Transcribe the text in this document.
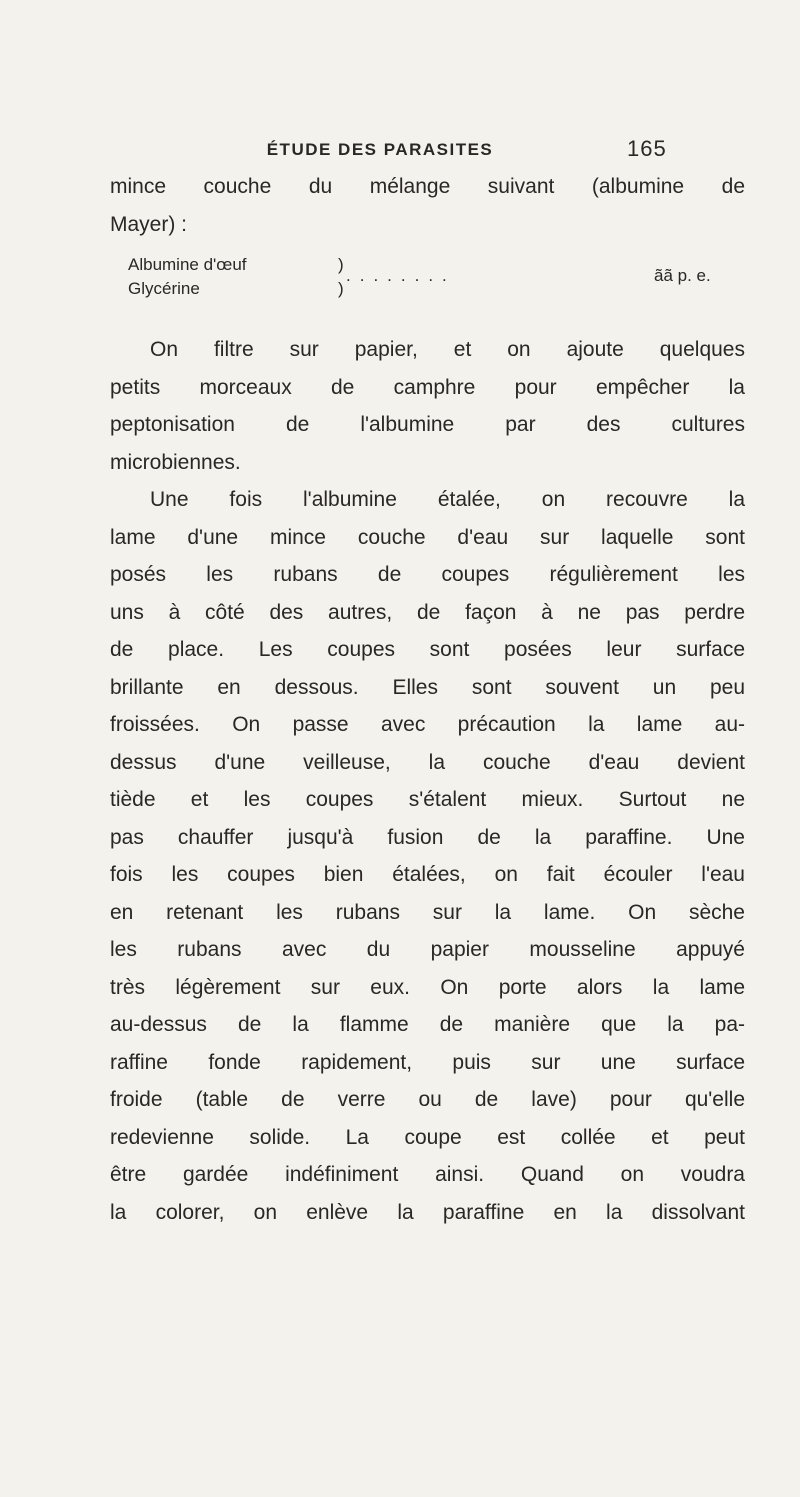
ÉTUDE DES PARASITES	165
mince couche du mélange suivant (albumine de
Mayer) :
Albumine d'œuf
Glycérine
)
)
........	ãã p. e.
On filtre sur papier, et on ajoute quelques
petits morceaux de camphre pour empêcher la
peptonisation de l'albumine par des cultures
microbiennes.
Une fois l'albumine étalée, on recouvre la
lame d'une mince couche d'eau sur laquelle sont
posés les rubans de coupes régulièrement les
uns à côté des autres, de façon à ne pas perdre
de place. Les coupes sont posées leur surface
brillante en dessous. Elles sont souvent un peu
froissées. On passe avec précaution la lame au-
dessus d'une veilleuse, la couche d'eau devient
tiède et les coupes s'étalent mieux. Surtout ne
pas chauffer jusqu'à fusion de la paraffine. Une
fois les coupes bien étalées, on fait écouler l'eau
en retenant les rubans sur la lame. On sèche
les rubans avec du papier mousseline appuyé
très légèrement sur eux. On porte alors la lame
au-dessus de la flamme de manière que la pa-
raffine fonde rapidement, puis sur une surface
froide (table de verre ou de lave) pour qu'elle
redevienne solide. La coupe est collée et peut
être gardée indéfiniment ainsi. Quand on voudra
la colorer, on enlève la paraffine en la dissolvant
